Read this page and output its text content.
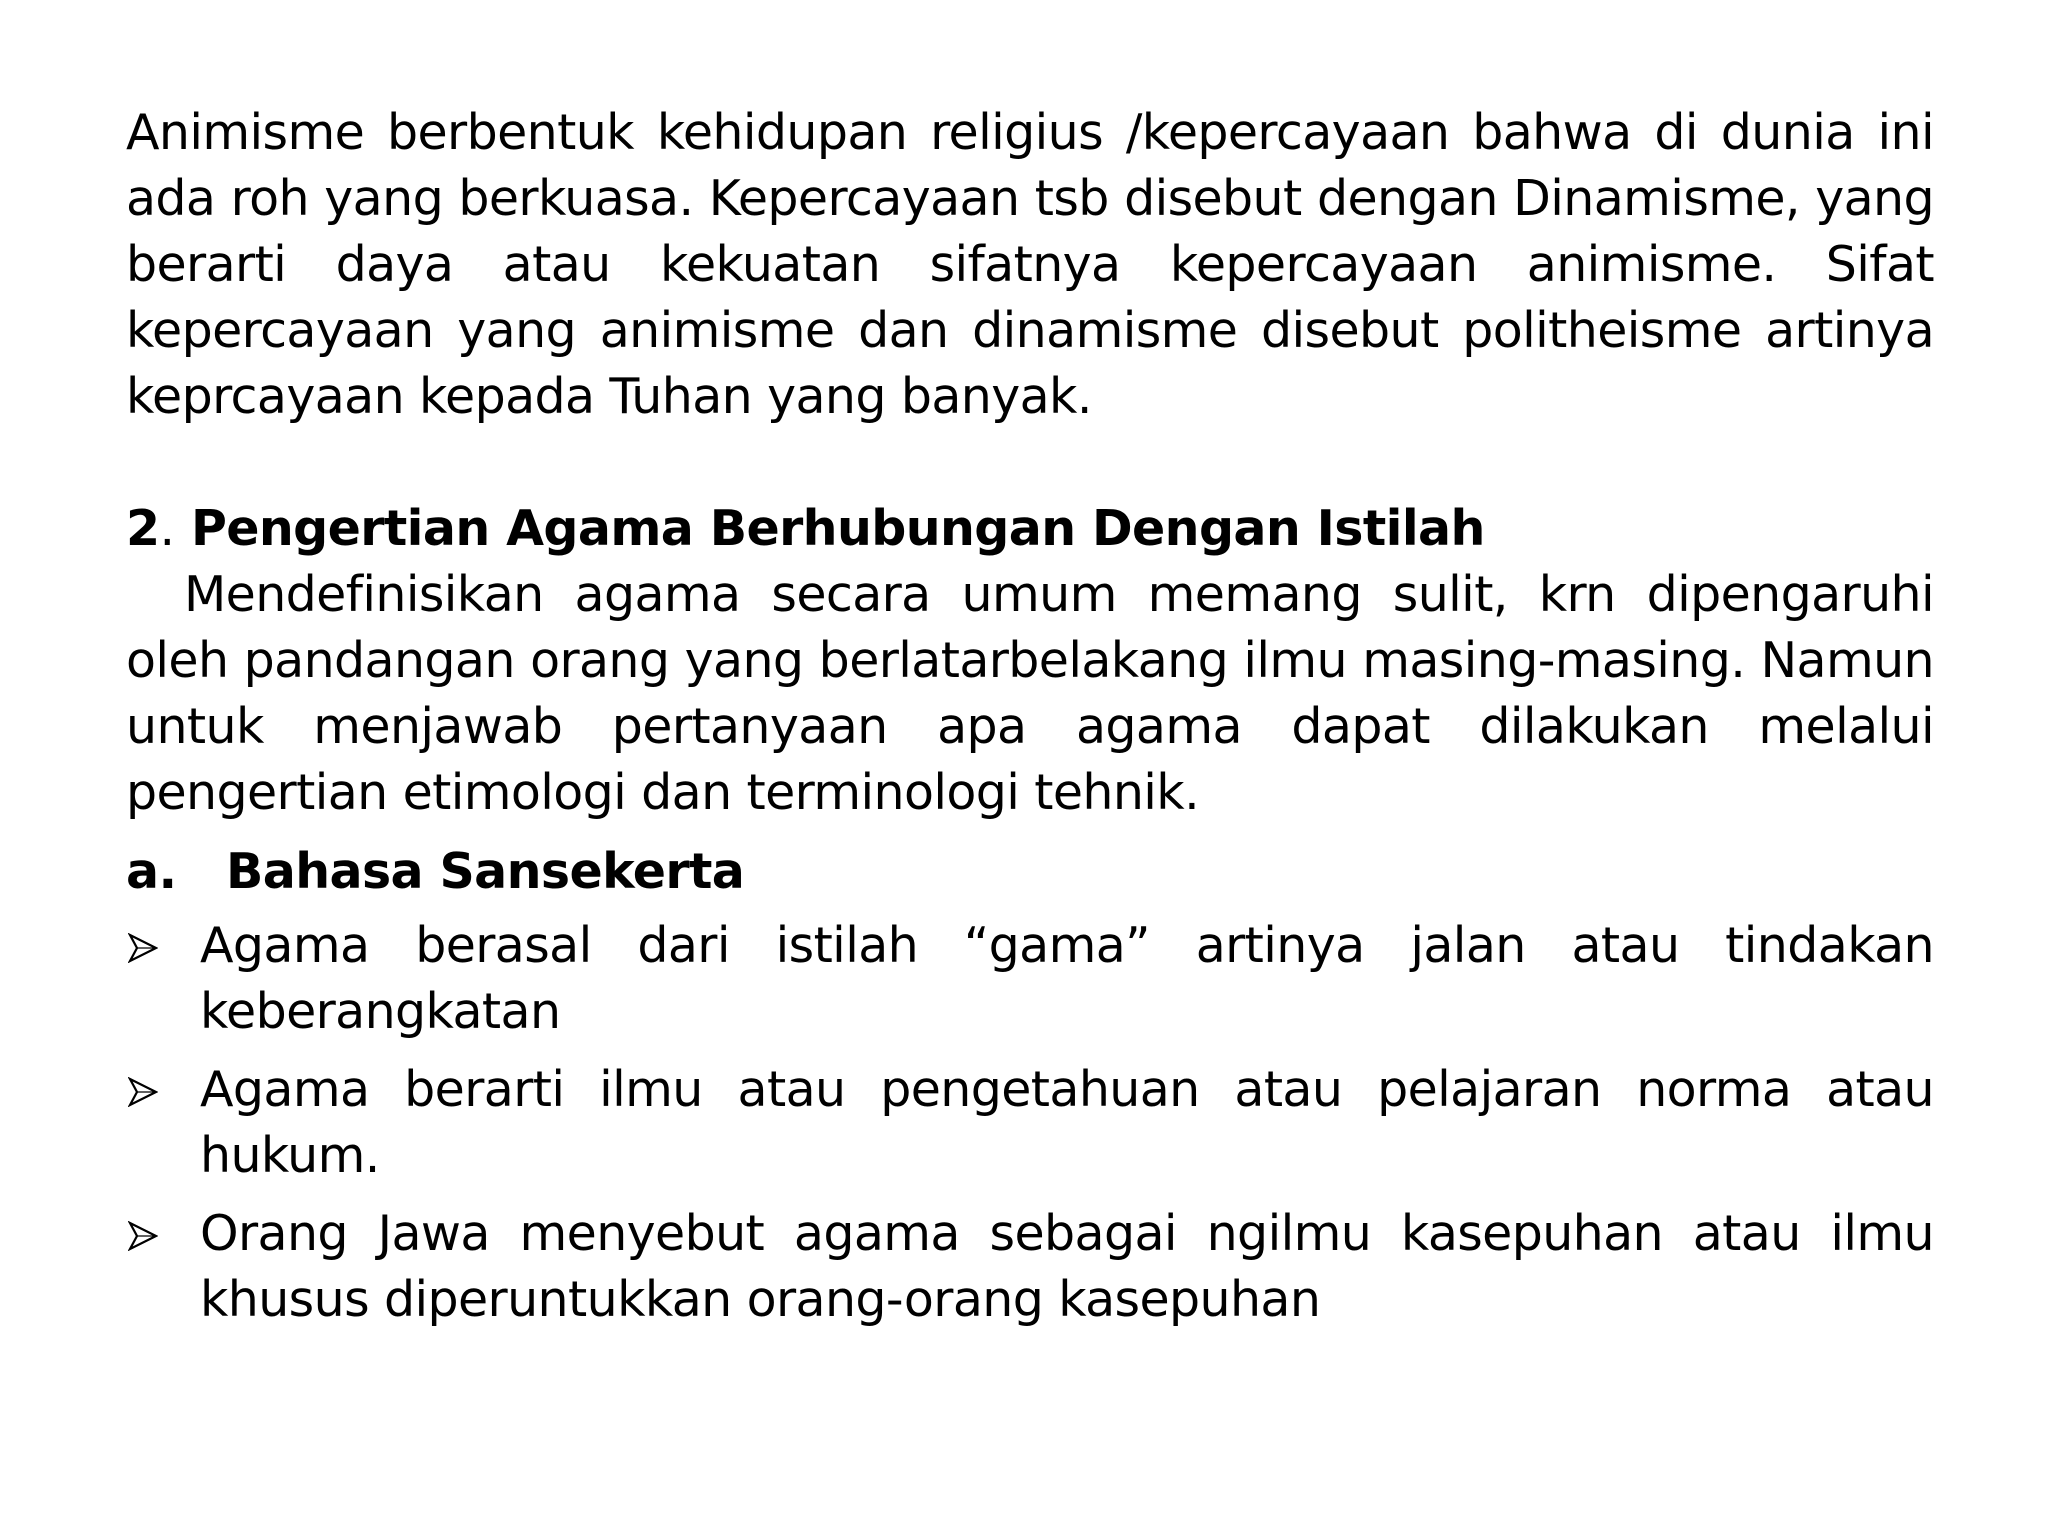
Animisme berbentuk kehidupan religius /kepercayaan bahwa di dunia ini ada roh yang berkuasa. Kepercayaan tsb disebut dengan Dinamisme, yang berarti daya atau kekuatan sifatnya kepercayaan animisme. Sifat kepercayaan yang animisme dan dinamisme disebut politheisme artinya keprcayaan kepada Tuhan yang banyak.

2. Pengertian Agama Berhubungan Dengan Istilah

Mendefinisikan agama secara umum memang sulit, krn dipengaruhi oleh pandangan orang yang berlatarbelakang ilmu masing-masing. Namun untuk menjawab pertanyaan apa agama dapat dilakukan melalui pengertian etimologi dan terminologi tehnik.

a.	Bahasa Sansekerta
Agama berasal dari istilah “gama” artinya jalan atau tindakan keberangkatan
Agama berarti ilmu atau pengetahuan atau pelajaran norma atau hukum.
Orang Jawa menyebut agama sebagai ngilmu kasepuhan atau ilmu khusus diperuntukkan orang-orang kasepuhan
